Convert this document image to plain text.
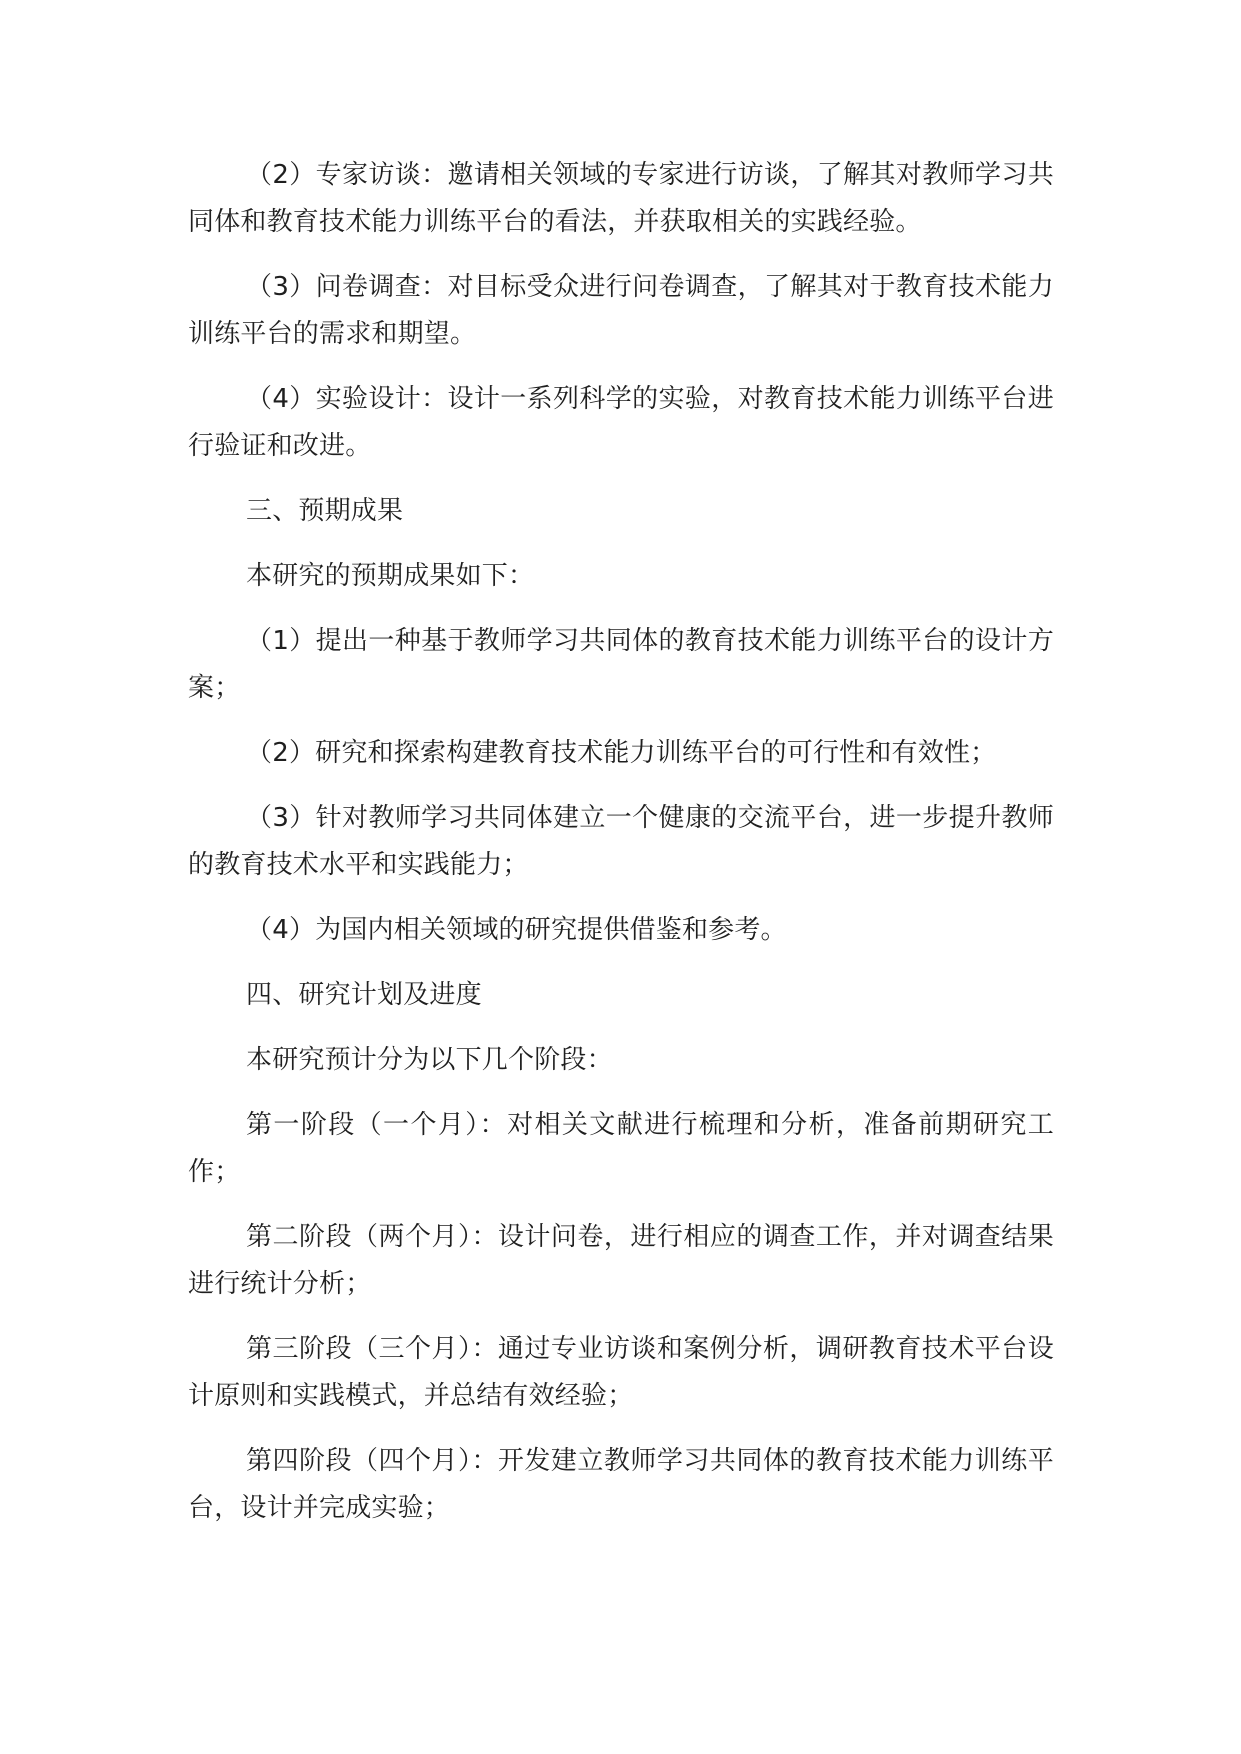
（2）专家访谈：邀请相关领域的专家进行访谈，了解其对教师学习共同体和教育技术能力训练平台的看法，并获取相关的实践经验。

（3）问卷调查：对目标受众进行问卷调查，了解其对于教育技术能力训练平台的需求和期望。

（4）实验设计：设计一系列科学的实验，对教育技术能力训练平台进行验证和改进。

三、预期成果

本研究的预期成果如下：

（1）提出一种基于教师学习共同体的教育技术能力训练平台的设计方案；

（2）研究和探索构建教育技术能力训练平台的可行性和有效性；

（3）针对教师学习共同体建立一个健康的交流平台，进一步提升教师的教育技术水平和实践能力；

（4）为国内相关领域的研究提供借鉴和参考。

四、研究计划及进度

本研究预计分为以下几个阶段：

第一阶段（一个月）：对相关文献进行梳理和分析，准备前期研究工作；

第二阶段（两个月）：设计问卷，进行相应的调查工作，并对调查结果进行统计分析；

第三阶段（三个月）：通过专业访谈和案例分析，调研教育技术平台设计原则和实践模式，并总结有效经验；

第四阶段（四个月）：开发建立教师学习共同体的教育技术能力训练平台，设计并完成实验；
